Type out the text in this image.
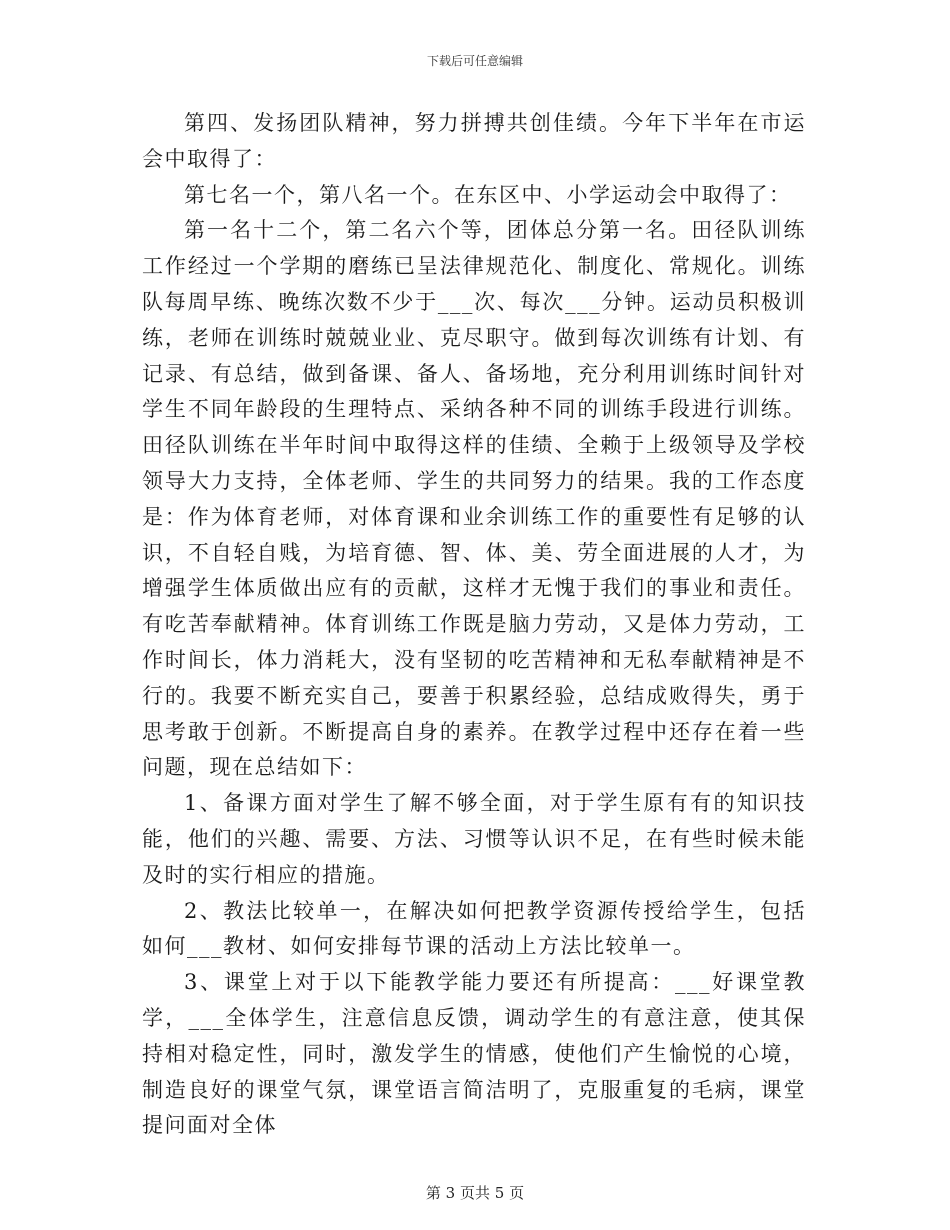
下载后可任意编辑

第四、发扬团队精神，努力拼搏共创佳绩。今年下半年在市运会中取得了：

第七名一个，第八名一个。在东区中、小学运动会中取得了：

第一名十二个，第二名六个等，团体总分第一名。田径队训练工作经过一个学期的磨练已呈法律规范化、制度化、常规化。训练队每周早练、晚练次数不少于___次、每次___分钟。运动员积极训练，老师在训练时兢兢业业、克尽职守。做到每次训练有计划、有记录、有总结，做到备课、备人、备场地，充分利用训练时间针对学生不同年龄段的生理特点、采纳各种不同的训练手段进行训练。田径队训练在半年时间中取得这样的佳绩、全赖于上级领导及学校领导大力支持，全体老师、学生的共同努力的结果。我的工作态度是：作为体育老师，对体育课和业余训练工作的重要性有足够的认识，不自轻自贱，为培育德、智、体、美、劳全面进展的人才，为增强学生体质做出应有的贡献，这样才无愧于我们的事业和责任。有吃苦奉献精神。体育训练工作既是脑力劳动，又是体力劳动，工作时间长，体力消耗大，没有坚韧的吃苦精神和无私奉献精神是不行的。我要不断充实自己，要善于积累经验，总结成败得失，勇于思考敢于创新。不断提高自身的素养。在教学过程中还存在着一些问题，现在总结如下：

1、备课方面对学生了解不够全面，对于学生原有有的知识技能，他们的兴趣、需要、方法、习惯等认识不足，在有些时候未能及时的实行相应的措施。

2、教法比较单一，在解决如何把教学资源传授给学生，包括如何___教材、如何安排每节课的活动上方法比较单一。

3、课堂上对于以下能教学能力要还有所提高：___好课堂教学，___全体学生，注意信息反馈，调动学生的有意注意，使其保持相对稳定性，同时，激发学生的情感，使他们产生愉悦的心境，制造良好的课堂气氛，课堂语言简洁明了，克服重复的毛病，课堂提问面对全体

第 3 页共 5 页
